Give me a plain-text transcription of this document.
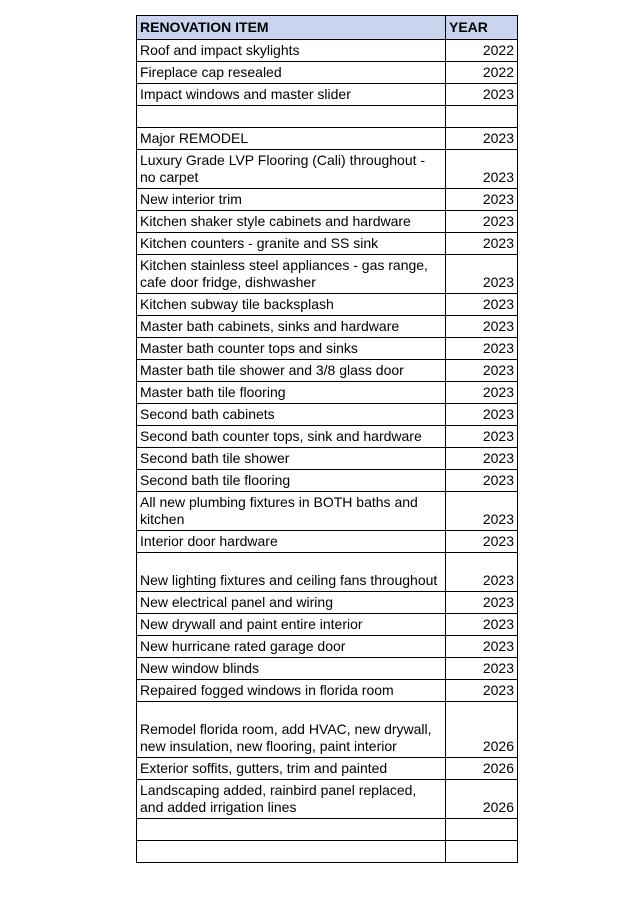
RENOVATION ITEM	YEAR
Roof and impact skylights	2022
Fireplace cap resealed	2022
Impact windows and master slider	2023

Major REMODEL	2023
Luxury Grade LVP Flooring (Cali) throughout - no carpet	2023
New interior trim	2023
Kitchen shaker style cabinets and hardware	2023
Kitchen counters - granite and SS sink	2023
Kitchen stainless steel appliances - gas range, cafe door fridge, dishwasher	2023
Kitchen subway tile backsplash	2023
Master bath cabinets, sinks and hardware	2023
Master bath counter tops and sinks	2023
Master bath tile shower and 3/8 glass door	2023
Master bath tile flooring	2023
Second bath cabinets	2023
Second bath counter tops, sink and hardware	2023
Second bath tile shower	2023
Second bath tile flooring	2023
All new plumbing fixtures in BOTH baths and kitchen	2023
Interior door hardware	2023
New lighting fixtures and ceiling fans throughout	2023
New electrical panel and wiring	2023
New drywall and paint entire interior	2023
New hurricane rated garage door	2023
New window blinds	2023
Repaired fogged windows in florida room	2023
Remodel florida room, add HVAC, new drywall, new insulation, new flooring, paint interior	2026
Exterior soffits, gutters, trim and painted	2026
Landscaping added, rainbird panel replaced, and added irrigation lines	2026
